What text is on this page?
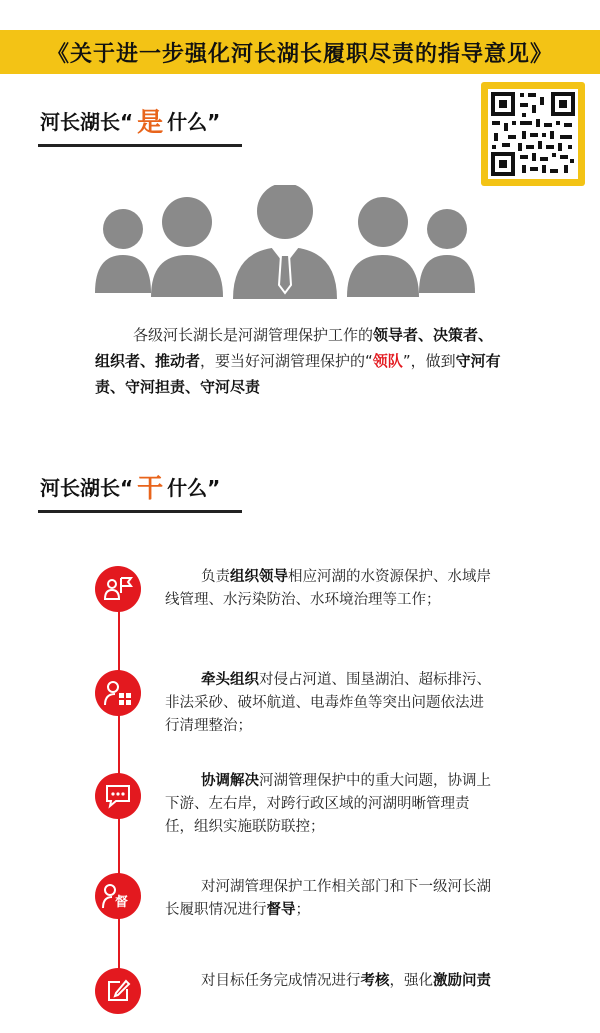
《关于进一步强化河长湖长履职尽责的指导意见》
河长湖长“ 是 什么”
各级河长湖长是河湖管理保护工作的领导者、决策者、组织者、推动者，要当好河湖管理保护的“领队”，做到守河有责、守河担责、守河尽责
河长湖长“ 干 什么”
负责组织领导相应河湖的水资源保护、水域岸线管理、水污染防治、水环境治理等工作；
牵头组织对侵占河道、围垦湖泊、超标排污、非法采砂、破坏航道、电毒炸鱼等突出问题依法进行清理整治；
协调解决河湖管理保护中的重大问题，协调上下游、左右岸，对跨行政区域的河湖明晰管理责任，组织实施联防联控；
督
对河湖管理保护工作相关部门和下一级河长湖长履职情况进行督导；
对目标任务完成情况进行考核，强化激励问责
